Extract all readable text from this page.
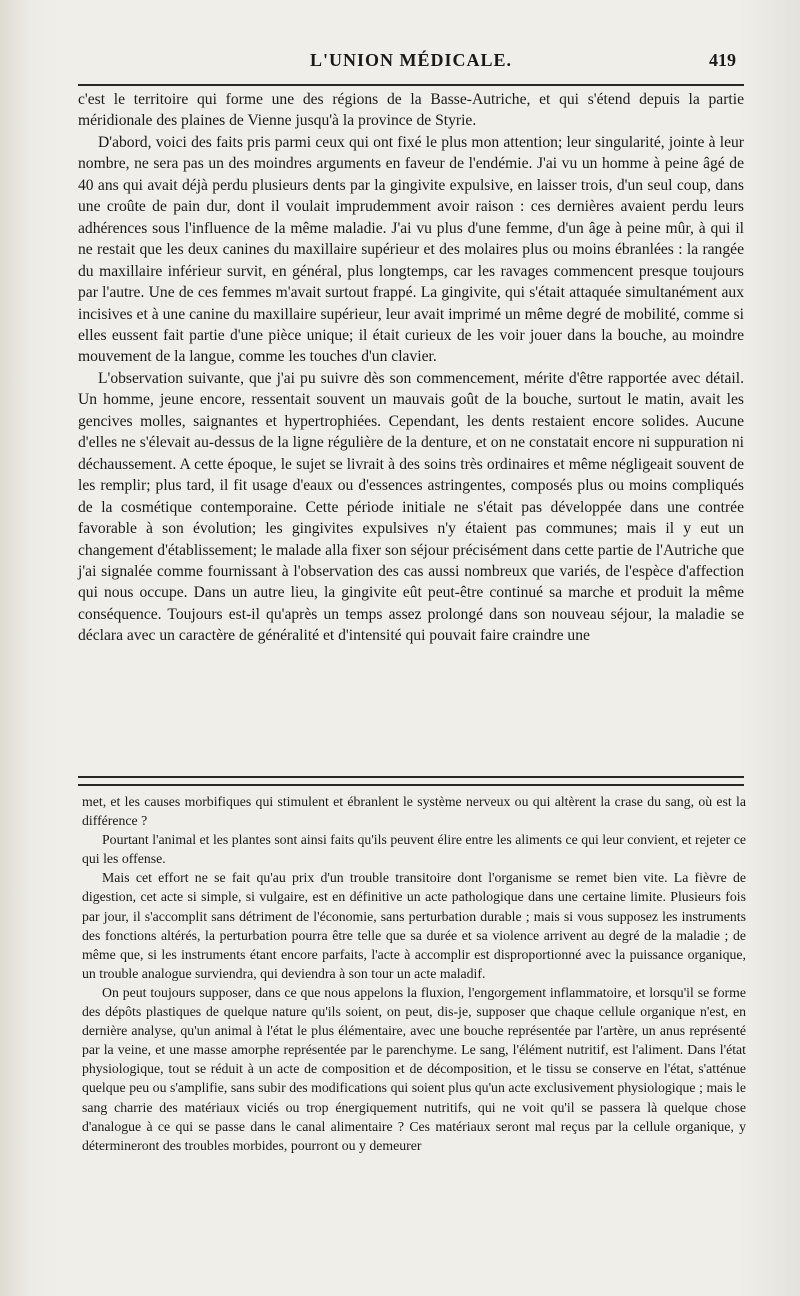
L'UNION MÉDICALE.	419

c'est le territoire qui forme une des régions de la Basse-Autriche, et qui s'étend depuis la partie méridionale des plaines de Vienne jusqu'à la province de Styrie.

D'abord, voici des faits pris parmi ceux qui ont fixé le plus mon attention; leur singularité, jointe à leur nombre, ne sera pas un des moindres arguments en faveur de l'endémie. J'ai vu un homme à peine âgé de 40 ans qui avait déjà perdu plusieurs dents par la gingivite expulsive, en laisser trois, d'un seul coup, dans une croûte de pain dur, dont il voulait imprudemment avoir raison : ces dernières avaient perdu leurs adhérences sous l'influence de la même maladie. J'ai vu plus d'une femme, d'un âge à peine mûr, à qui il ne restait que les deux canines du maxillaire supérieur et des molaires plus ou moins ébranlées : la rangée du maxillaire inférieur survit, en général, plus longtemps, car les ravages commencent presque toujours par l'autre. Une de ces femmes m'avait surtout frappé. La gingivite, qui s'était attaquée simultanément aux incisives et à une canine du maxillaire supérieur, leur avait imprimé un même degré de mobilité, comme si elles eussent fait partie d'une pièce unique; il était curieux de les voir jouer dans la bouche, au moindre mouvement de la langue, comme les touches d'un clavier.

L'observation suivante, que j'ai pu suivre dès son commencement, mérite d'être rapportée avec détail. Un homme, jeune encore, ressentait souvent un mauvais goût de la bouche, surtout le matin, avait les gencives molles, saignantes et hypertrophiées. Cependant, les dents restaient encore solides. Aucune d'elles ne s'élevait au-dessus de la ligne régulière de la denture, et on ne constatait encore ni suppuration ni déchaussement. A cette époque, le sujet se livrait à des soins très ordinaires et même négligeait souvent de les remplir; plus tard, il fit usage d'eaux ou d'essences astringentes, composés plus ou moins compliqués de la cosmétique contemporaine. Cette période initiale ne s'était pas développée dans une contrée favorable à son évolution; les gingivites expulsives n'y étaient pas communes; mais il y eut un changement d'établissement; le malade alla fixer son séjour précisément dans cette partie de l'Autriche que j'ai signalée comme fournissant à l'observation des cas aussi nombreux que variés, de l'espèce d'affection qui nous occupe. Dans un autre lieu, la gingivite eût peut-être continué sa marche et produit la même conséquence. Toujours est-il qu'après un temps assez prolongé dans son nouveau séjour, la maladie se déclara avec un caractère de généralité et d'intensité qui pouvait faire craindre une

met, et les causes morbifiques qui stimulent et ébranlent le système nerveux ou qui altèrent la crase du sang, où est la différence ?

Pourtant l'animal et les plantes sont ainsi faits qu'ils peuvent élire entre les aliments ce qui leur convient, et rejeter ce qui les offense.

Mais cet effort ne se fait qu'au prix d'un trouble transitoire dont l'organisme se remet bien vite. La fièvre de digestion, cet acte si simple, si vulgaire, est en définitive un acte pathologique dans une certaine limite. Plusieurs fois par jour, il s'accomplit sans détriment de l'économie, sans perturbation durable ; mais si vous supposez les instruments des fonctions altérés, la perturbation pourra être telle que sa durée et sa violence arrivent au degré de la maladie ; de même que, si les instruments étant encore parfaits, l'acte à accomplir est disproportionné avec la puissance organique, un trouble analogue surviendra, qui deviendra à son tour un acte maladif.

On peut toujours supposer, dans ce que nous appelons la fluxion, l'engorgement inflammatoire, et lorsqu'il se forme des dépôts plastiques de quelque nature qu'ils soient, on peut, dis-je, supposer que chaque cellule organique n'est, en dernière analyse, qu'un animal à l'état le plus élémentaire, avec une bouche représentée par l'artère, un anus représenté par la veine, et une masse amorphe représentée par le parenchyme. Le sang, l'élément nutritif, est l'aliment. Dans l'état physiologique, tout se réduit à un acte de composition et de décomposition, et le tissu se conserve en l'état, s'atténue quelque peu ou s'amplifie, sans subir des modifications qui soient plus qu'un acte exclusivement physiologique ; mais le sang charrie des matériaux viciés ou trop énergiquement nutritifs, qui ne voit qu'il se passera là quelque chose d'analogue à ce qui se passe dans le canal alimentaire ? Ces matériaux seront mal reçus par la cellule organique, y détermineront des troubles morbides, pourront ou y demeurer
